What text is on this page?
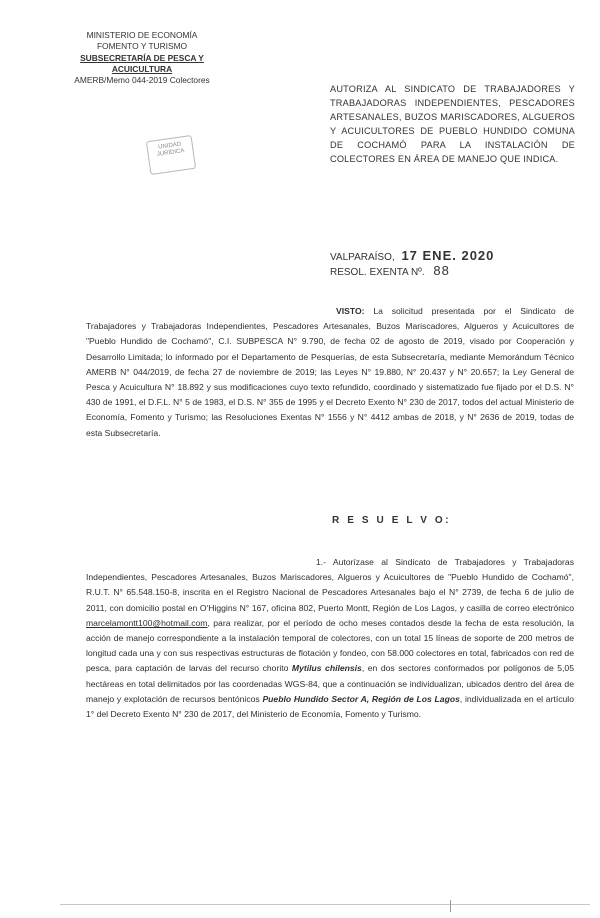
MINISTERIO DE ECONOMÍA
FOMENTO Y TURISMO
SUBSECRETARÍA DE PESCA Y ACUICULTURA
AMERB/Memo 044-2019 Colectores
UNIDAD
JURÍDICA
AUTORIZA AL SINDICATO DE TRABAJADORES Y TRABAJADORAS INDEPENDIENTES, PESCADORES ARTESANALES, BUZOS MARISCADORES, ALGUEROS Y ACUICULTORES DE PUEBLO HUNDIDO COMUNA DE COCHAMÓ PARA LA INSTALACIÓN DE COLECTORES EN ÁREA DE MANEJO QUE INDICA.
VALPARAÍSO, 17 ENE. 2020
RESOL. EXENTA Nº. 88
VISTO: La solicitud presentada por el Sindicato de Trabajadores y Trabajadoras Independientes, Pescadores Artesanales, Buzos Mariscadores, Algueros y Acuicultores de "Pueblo Hundido de Cochamó", C.I. SUBPESCA N° 9.790, de fecha 02 de agosto de 2019, visado por Cooperación y Desarrollo Limitada; lo informado por el Departamento de Pesquerías, de esta Subsecretaría, mediante Memorándum Técnico AMERB N° 044/2019, de fecha 27 de noviembre de 2019; las Leyes N° 19.880, N° 20.437 y N° 20.657; la Ley General de Pesca y Acuicultura N° 18.892 y sus modificaciones cuyo texto refundido, coordinado y sistematizado fue fijado por el D.S. N° 430 de 1991, el D.F.L. N° 5 de 1983, el D.S. N° 355 de 1995 y el Decreto Exento N° 230 de 2017, todos del actual Ministerio de Economía, Fomento y Turismo; las Resoluciones Exentas N° 1556 y N° 4412 ambas de 2018, y N° 2636 de 2019, todas de esta Subsecretaría.
R E S U E L V O:
1.- Autorízase al Sindicato de Trabajadores y Trabajadoras Independientes, Pescadores Artesanales, Buzos Mariscadores, Algueros y Acuicultores de "Pueblo Hundido de Cochamó", R.U.T. N° 65.548.150-8, inscrita en el Registro Nacional de Pescadores Artesanales bajo el N° 2739, de fecha 6 de julio de 2011, con domicilio postal en O'Higgins N° 167, oficina 802, Puerto Montt, Región de Los Lagos, y casilla de correo electrónico marcelamontt100@hotmail.com, para realizar, por el período de ocho meses contados desde la fecha de esta resolución, la acción de manejo correspondiente a la instalación temporal de colectores, con un total 15 líneas de soporte de 200 metros de longitud cada una y con sus respectivas estructuras de flotación y fondeo, con 58.000 colectores en total, fabricados con red de pesca, para captación de larvas del recurso chorito Mytilus chilensis, en dos sectores conformados por polígonos de 5,05 hectáreas en total delimitados por las coordenadas WGS-84, que a continuación se individualizan, ubicados dentro del área de manejo y explotación de recursos bentónicos Pueblo Hundido Sector A, Región de Los Lagos, individualizada en el artículo 1° del Decreto Exento N° 230 de 2017, del Ministerio de Economía, Fomento y Turismo.
